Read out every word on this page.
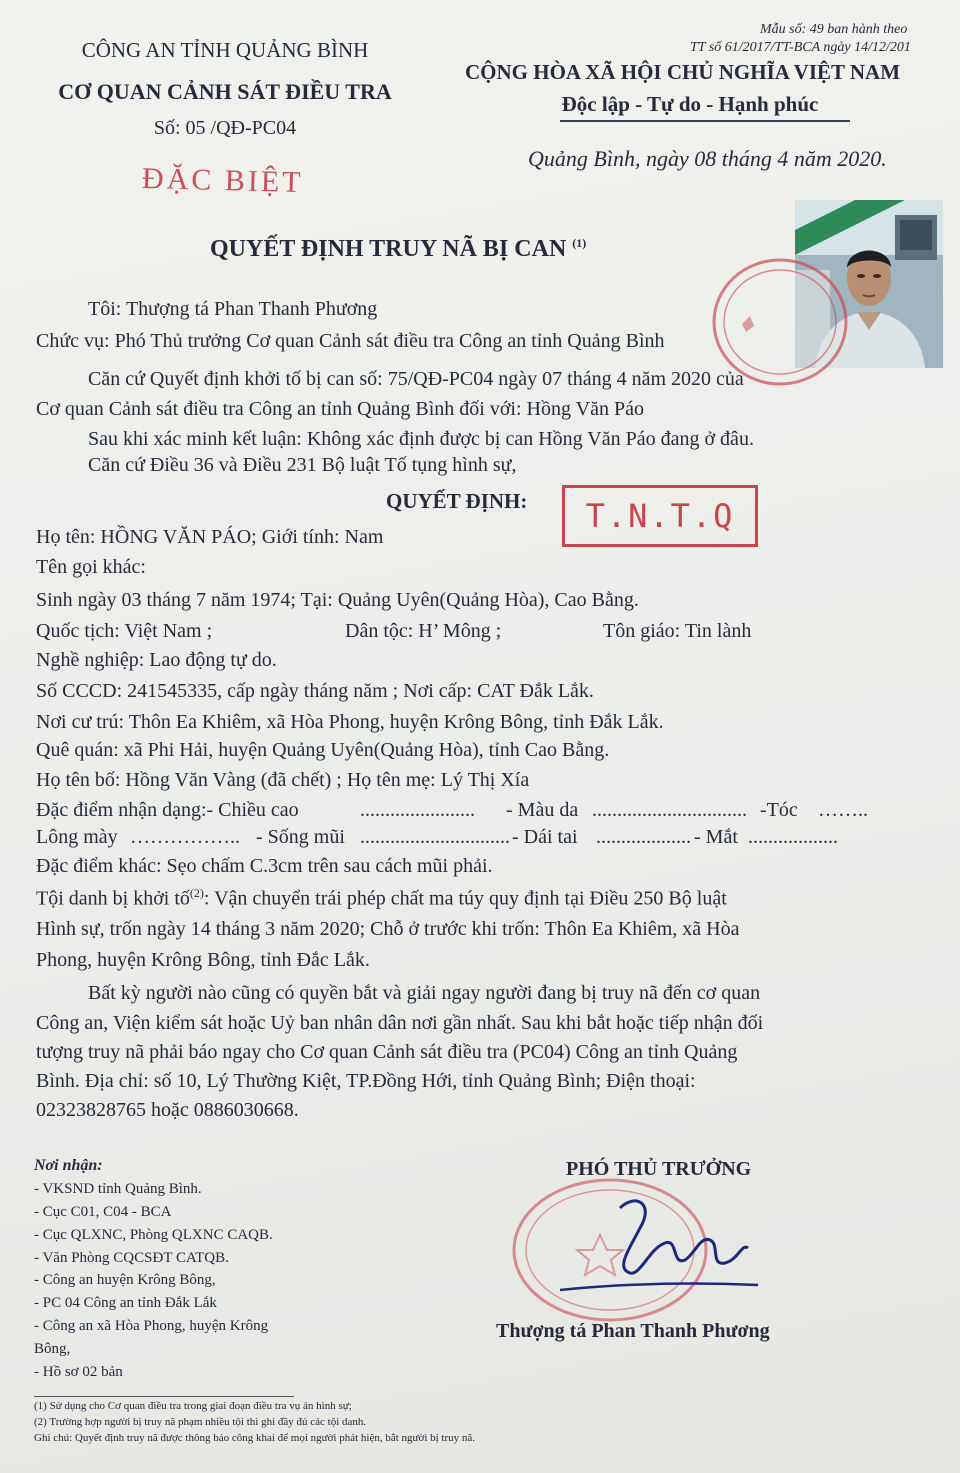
CÔNG AN TỈNH QUẢNG BÌNH
CƠ QUAN CẢNH SÁT ĐIỀU TRA
Số: 05 /QĐ-PC04
ĐẶC BIỆT
Mẫu số: 49 ban hành theo
TT số 61/2017/TT-BCA ngày 14/12/201
CỘNG HÒA XÃ HỘI CHỦ NGHĨA VIỆT NAM
Độc lập - Tự do - Hạnh phúc
Quảng Bình, ngày 08 tháng 4 năm 2020.
QUYẾT ĐỊNH TRUY NÃ BỊ CAN $^{(1)}$
Tôi: Thượng tá Phan Thanh Phương
Chức vụ: Phó Thủ trưởng Cơ quan Cảnh sát điều tra Công an tỉnh Quảng Bình
Căn cứ Quyết định khởi tố bị can số: 75/QĐ-PC04 ngày 07 tháng 4 năm 2020 của
Cơ quan Cảnh sát điều tra Công an tỉnh Quảng Bình đối với: Hồng Văn Páo
Sau khi xác minh kết luận: Không xác định được bị can Hồng Văn Páo đang ở đâu.
Căn cứ Điều 36 và Điều 231 Bộ luật Tố tụng hình sự,
QUYẾT ĐỊNH:	T.N.T.Q
Họ tên: HỒNG VĂN PÁO; Giới tính: Nam
Tên gọi khác:
Sinh ngày 03 tháng 7 năm 1974; Tại: Quảng Uyên(Quảng Hòa), Cao Bằng.
Quốc tịch: Việt Nam ;	Dân tộc: H’ Mông ;	Tôn giáo: Tin lành
Nghề nghiệp: Lao động tự do.
Số CCCD: 241545335, cấp ngày tháng năm ; Nơi cấp: CAT Đắk Lắk.
Nơi cư trú: Thôn Ea Khiêm, xã Hòa Phong, huyện Krông Bông, tỉnh Đắk Lắk.
Quê quán: xã Phi Hải, huyện Quảng Uyên(Quảng Hòa), tỉnh Cao Bằng.
Họ tên bố: Hồng Văn Vàng (đã chết) ; Họ tên mẹ: Lý Thị Xía
Đặc điểm nhận dạng:- Chiều cao	....................... - Màu da ............................... -Tóc ……..
Lông mày …………….. - Sống mũi .............................. - Dái tai ................... - Mắt ..................
Đặc điểm khác: Sẹo chấm C.3cm trên sau cách mũi phải.
Tội danh bị khởi tố$^{(2)}$: Vận chuyển trái phép chất ma túy quy định tại Điều 250 Bộ luật
Hình sự, trốn ngày 14 tháng 3 năm 2020; Chỗ ở trước khi trốn: Thôn Ea Khiêm, xã Hòa
Phong, huyện Krông Bông, tỉnh Đắc Lắk.
Bất kỳ người nào cũng có quyền bắt và giải ngay người đang bị truy nã đến cơ quan
Công an, Viện kiểm sát hoặc Uỷ ban nhân dân nơi gần nhất. Sau khi bắt hoặc tiếp nhận đối
tượng truy nã phải báo ngay cho Cơ quan Cảnh sát điều tra (PC04) Công an tỉnh Quảng
Bình. Địa chỉ: số 10, Lý Thường Kiệt, TP.Đồng Hới, tỉnh Quảng Bình; Điện thoại:
02323828765 hoặc 0886030668.
Nơi nhận:
- VKSND tỉnh Quảng Bình.
- Cục C01, C04 - BCA
- Cục QLXNC, Phòng QLXNC CAQB.
- Văn Phòng CQCSĐT CATQB.
- Công an huyện Krông Bông,
- PC 04 Công an tỉnh Đắk Lắk
- Công an xã Hòa Phong, huyện Krông
Bông,
- Hồ sơ 02 bản
PHÓ THỦ TRƯỞNG
Thượng tá Phan Thanh Phương
(1) Sử dụng cho Cơ quan điều tra trong giai đoạn điều tra vụ án hình sự;
(2) Trường hợp người bị truy nã phạm nhiều tội thì ghi đầy đủ các tội danh.
Ghi chú: Quyết định truy nã được thông báo công khai để mọi người phát hiện, bắt người bị truy nã.
